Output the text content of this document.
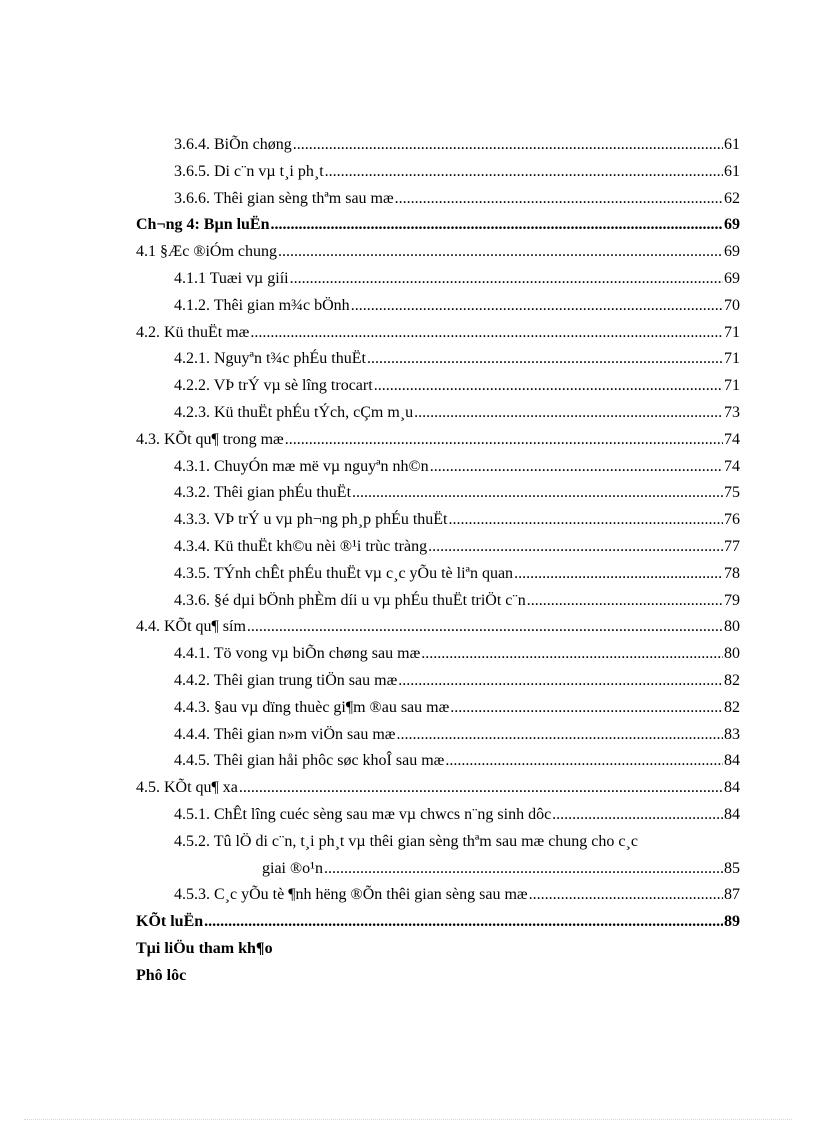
3.6.4. BiÕn chøng .....	61
3.6.5. Di c¨n vµ t¸i ph¸t .....	61
3.6.6. Thêi gian sèng thªm sau mæ .....	62
Ch¬ng 4: Bµn luËn .....	69
4.1 §Æc ®iÓm chung .....	69
4.1.1 Tuæi vµ giíi .....	69
4.1.2. Thêi gian m¾c bÖnh .....	70
4.2. Kü thuËt mæ .....	71
4.2.1. Nguyªn t¾c phÉu thuËt .....	71
4.2.2. VÞ trÝ vµ sè lîng trocart .....	71
4.2.3. Kü thuËt phÉu tÝch, cÇm m¸u .....	73
4.3. KÕt qu¶ trong mæ .....	74
4.3.1. ChuyÓn mæ më vµ nguyªn nh©n .....	74
4.3.2. Thêi gian phÉu thuËt .....	75
4.3.3. VÞ trÝ u vµ ph¬ng ph¸p phÉu thuËt .....	76
4.3.4. Kü thuËt kh©u nèi ®¹i trùc tràng .....	77
4.3.5. TÝnh chÊt phÉu thuËt vµ c¸c yÕu tè liªn quan .....	78
4.3.6. §é dµi bÖnh phÈm díi u vµ phÉu thuËt triÖt c¨n .....	79
4.4. KÕt qu¶ sím .....	80
4.4.1. Tö vong vµ biÕn chøng sau mæ .....	80
4.4.2. Thêi gian trung tiÖn sau mæ .....	82
4.4.3. §au vµ dïng thuèc gi¶m ®au sau mæ .....	82
4.4.4. Thêi gian n»m viÖn sau mæ .....	83
4.4.5. Thêi gian håi phôc søc khoÎ sau mæ .....	84
4.5. KÕt qu¶ xa .....	84
4.5.1. ChÊt lîng cuéc sèng sau mæ vµ chwcs n¨ng sinh dôc .....	84
4.5.2. Tû lÖ di c¨n, t¸i ph¸t vµ thêi gian sèng thªm sau mæ chung cho c¸c
giai ®o¹n .....	85
4.5.3. C¸c yÕu tè ¶nh hëng ®Õn thêi gian sèng sau mæ .....	87
KÕt luËn .....	89
Tµi liÖu tham kh¶o
Phô lôc
